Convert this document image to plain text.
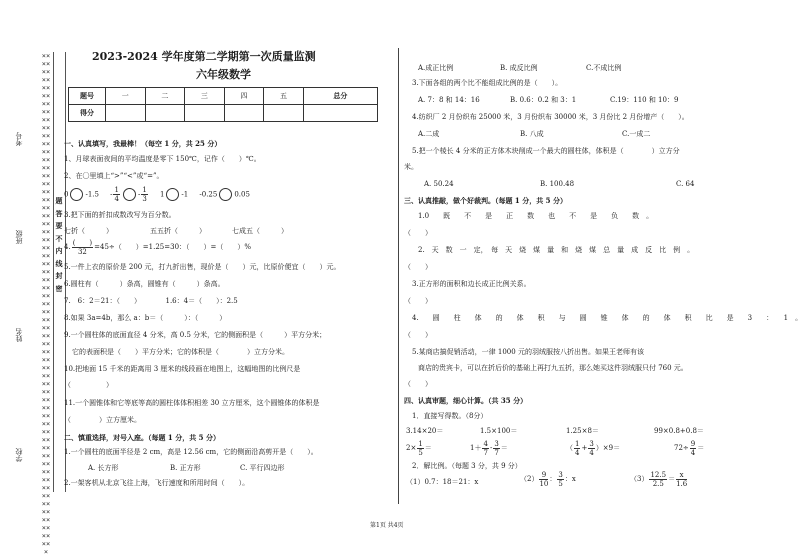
×××××××××××××××××××××××××××××××××××××××××××××××××××××××××××××××××××××××××××××××××××××××××××××××××××××××××××××××××××××××××××××
考号
班级
姓名
学校
题
答
要
不
内
线
封
密
2023-2024 学年度第二学期第一次质量监测
六年级数学
题号	一	二	三	四	五	总分
得分						
一、认真填写，我最棒！（每空 1 分，共 25 分）
1、月球表面夜间的平均温度是零下 150℃，记作（　　）℃。
2、在〇里填上“>”“<”或“=”。
0 $-1.5 - \frac{1}{4}$	- $\frac{1}{3} 1$ -1 -0.25 0.05
3.把下面的折扣成数改写为百分数。
七折（　　　）	五五折（　　　）	七成五（　　　）
4. $\frac{( )}{32} =45\div$（　　）=1.25=30：（　　）=（　　）%
5.一件上衣的原价是 200 元，打九折出售，现价是（　　）元，比原价便宜（　　）元。
6.圆柱有（　　　）条高，圆锥有（　　　）条高。
7.　6：2＝21：（　　）　　　　1.6：4＝（　　）：2.5
8.如果 3a=4b，那么 a：b＝（　　　）：（　　　）
9.一个圆柱体的底面直径 4 分米，高 0.5 分米，它的侧面积是（　　　）平方分米；
它的表面积是（　　）平方分米；它的体积是（　　　　）立方分米。
10.把地面 15 千米的距离用 3 厘米的线段画在地图上，这幅地图的比例尺是
（　　　　　）
11.一个圆锥体和它等底等高的圆柱体体积相差 30 立方厘米，这个圆锥体的体积是
（　　　　）立方厘米。
二、慎重选择，对号入座。（每题 1 分，共 5 分）
1.一个圆柱的底面半径是 2 cm，高是 12.56 cm，它的侧面沿高剪开是（　　）。
A. 长方形	B. 正方形	C. 平行四边形
2.一架客机从北京飞往上海，飞行速度和所用时间（　　）。
A.成正比例	B. 成反比例	C.不成比例
3.下面各组的两个比不能组成比例的是（　　）。
A. 7：8 和 14：16	B. 0.6：0.2 和 3：1	C.19：110 和 10：9
4.纺织厂 2 月份织布 25000 米，3 月份织布 30000 米，3 月份比 2 月份增产（　　）。
A.二成	B. 八成	C.一成二
5.把一个棱长 4 分米的正方体木块削成一个最大的圆柱体，体积是（　　　　）立方分
米。
A. 50.24	B. 100.48	C. 64
三、认真推敲，做个好裁判。（每题 1 分，共 5 分）
1.0　　既　　不　　是　　正　　数　　也　　不　　是　　负　　数　。
（　　）
2.　天　数　一　定，　每　天　烧　煤　量　和　烧　煤　总　量　成　反　比　例　。
（　　）
3.正方形的面积和边长成正比例关系。
（　　）
4.　　圆　　柱　　体　　的　　体　　积　　与　　圆　　锥　　体　　的　　体　　积　　比　　是　　3　　：　　1　。
（　　）
5.某商店搞促销活动，一律 1000 元的羽绒服按八折出售。如果王老师有该
商店的贵宾卡，可以在折后价的基础上再打九五折，那么她买这件羽绒服只付 760 元。
（　　）
四、认真审题，细心计算。（共 35 分）
1．直接写得数。（8分）
3.14×20＝	1.5×100＝	1.25×8＝	99×0.8+0.8＝
$2\times \frac{1}{5}$ ＝	$1+ \frac{4}{7} - \frac{3}{7}$ ＝	（ $\frac{1}{4} + \frac{3}{4} )\times 9=$	$72\div \frac{9}{4}$ ＝
2．解比例。（每题 3 分，共 9 分）
（1）0.7：18＝21：x	$(2) \frac{9}{10}$ ： $\frac{3}{5}$ ：x	$(3) \frac{12.5}{2.5} = \frac{x}{1.6}$
第1页 共4页
